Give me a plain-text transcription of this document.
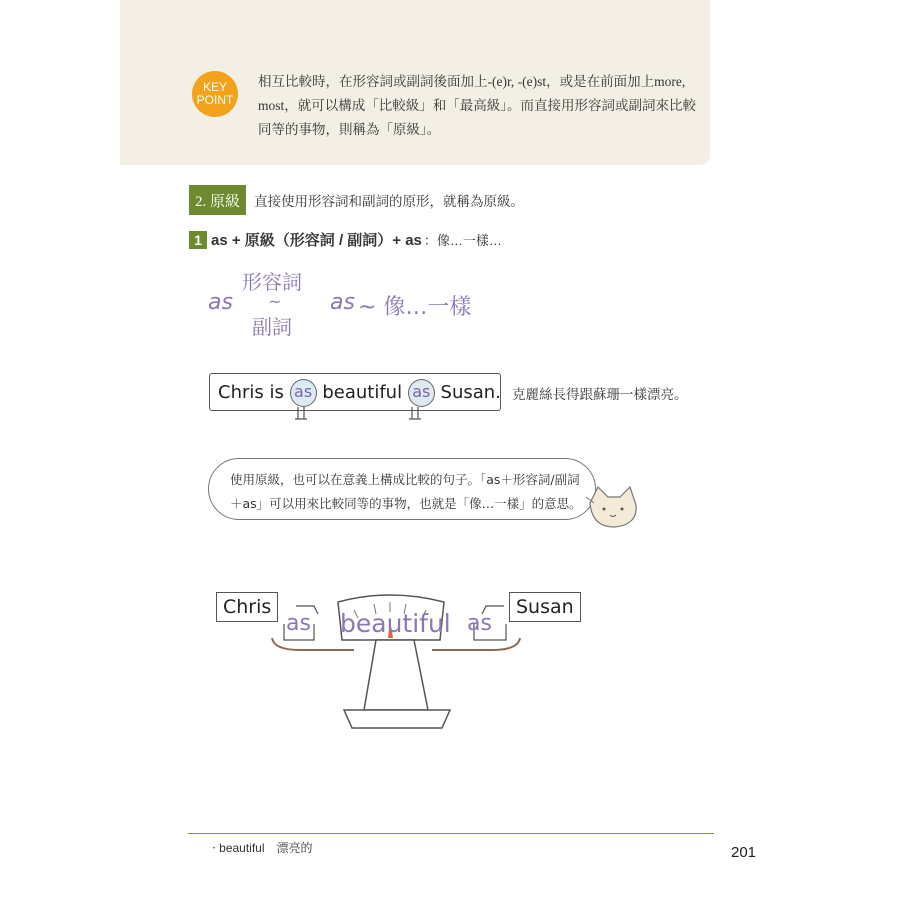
KEY
POINT
相互比較時，在形容詞或副詞後面加上-(e)r, -(e)st，或是在前面加上more, most，就可以構成「比較級」和「最高級」。而直接用形容詞或副詞來比較同等的事物，則稱為「原級」。
2. 原級	直接使用形容詞和副詞的原形，就稱為原級。
1 as + 原級（形容詞 / 副詞）+ as ：像…一樣…
as
形容詞
~
副詞
as ~ 像…一樣
Chris is as beautiful as Susan. 克麗絲長得跟蘇珊一樣漂亮。
使用原級，也可以在意義上構成比較的句子。「as＋形容詞/副詞＋as」可以用來比較同等的事物，也就是「像…一樣」的意思。
Chris	Susan
as	as
beautiful
‧ beautiful　漂亮的	201
